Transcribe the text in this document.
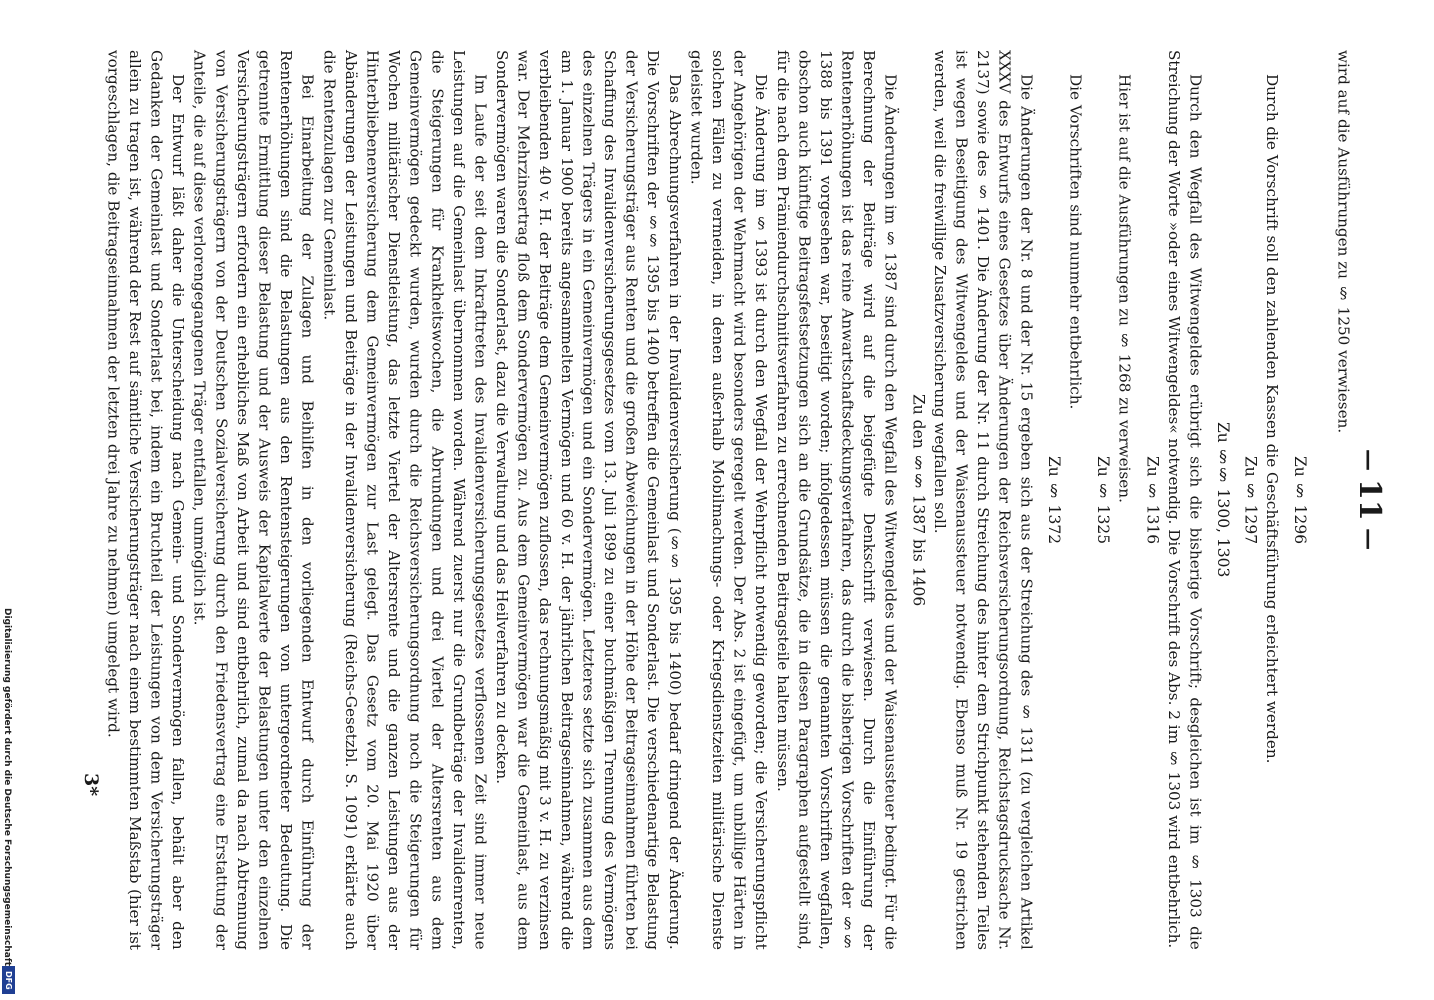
Digitalisierung gefördert durch die Deutsche Forschungsgemeinschaft
DFG
— 11 —

wird auf die Ausführungen zu § 1250 verwiesen.

Zu § 1296

Durch die Vorschrift soll den zahlenden Kassen die Geschäftsführung erleichtert werden.

Zu § 1297
Zu §§ 1300, 1303

Durch den Wegfall des Witwengeldes erübrigt sich die bisherige Vorschrift; desgleichen ist im § 1303 die Streichung der Worte »oder eines Witwengeldes« notwendig. Die Vorschrift des Abs. 2 im § 1303 wird entbehrlich.

Zu § 1316

Hier ist auf die Ausführungen zu § 1268 zu verweisen.

Zu § 1325

Die Vorschriften sind nunmehr entbehrlich.

Zu § 1372

Die Änderungen der Nr. 8 und der Nr. 15 ergeben sich aus der Streichung des § 1311 (zu vergleichen Artikel XXXV des Entwurfs eines Gesetzes über Änderungen der Reichsversicherungsordnung, Reichstagsdrucksache Nr. 2137) sowie des § 1401. Die Änderung der Nr. 11 durch Streichung des hinter dem Strichpunkt stehenden Teiles ist wegen Beseitigung des Witwengeldes und der Waisenaussteuer notwendig. Ebenso muß Nr. 19 gestrichen werden, weil die freiwillige Zusatzversicherung wegfallen soll.

Zu den §§ 1387 bis 1406

Die Änderungen im § 1387 sind durch den Wegfall des Witwengeldes und der Waisenaussteuer bedingt. Für die Berechnung der Beiträge wird auf die beigefügte Denkschrift verwiesen. Durch die Einführung der Rentenerhöhungen ist das reine Anwartschaftsdeckungsverfahren, das durch die bisherigen Vorschriften der §§ 1388 bis 1391 vorgesehen war, beseitigt worden; infolgedessen müssen die genannten Vorschriften wegfallen, obschon auch künftige Beitragsfestsetzungen sich an die Grundsätze, die in diesen Paragraphen aufgestellt sind, für die nach dem Prämiendurchschnittsverfahren zu errechnenden Beitragsteile halten müssen.

Die Änderung im § 1393 ist durch den Wegfall der Wehrpflicht notwendig geworden; die Versicherungspflicht der Angehörigen der Wehrmacht wird besonders geregelt werden. Der Abs. 2 ist eingefügt, um unbillige Härten in solchen Fällen zu vermeiden, in denen außerhalb Mobilmachungs- oder Kriegsdienstzeiten militärische Dienste geleistet wurden.

Das Abrechnungsverfahren in der Invalidenversicherung (§§ 1395 bis 1400) bedarf dringend der Änderung. Die Vorschriften der §§ 1395 bis 1400 betreffen die Gemeinlast und Sonderlast. Die verschiedenartige Belastung der Versicherungsträger aus Renten und die großen Abweichungen in der Höhe der Beitragseinnahmen führten bei Schaffung des Invalidenversicherungsgesetzes vom 13. Juli 1899 zu einer buchmäßigen Trennung des Vermögens des einzelnen Trägers in ein Gemeinvermögen und ein Sondervermögen. Letzteres setzte sich zusammen aus dem am 1. Januar 1900 bereits angesammelten Vermögen und 60 v. H. der jährlichen Beitragseinnahmen, während die verbleibenden 40 v. H. der Beiträge dem Gemeinvermögen zuflossen, das rechnungsmäßig mit 3 v. H. zu verzinsen war. Der Mehrzinsertrag floß dem Sondervermögen zu. Aus dem Gemeinvermögen war die Gemeinlast, aus dem Sondervermögen waren die Sonderlast, dazu die Verwaltung und das Heilverfahren zu decken.

Im Laufe der seit dem Inkrafttreten des Invalidenversicherungsgesetzes verflossenen Zeit sind immer neue Leistungen auf die Gemeinlast übernommen worden. Während zuerst nur die Grundbeträge der Invalidenrenten, die Steigerungen für Krankheitswochen, die Abrundungen und drei Viertel der Altersrenten aus dem Gemeinvermögen gedeckt wurden, wurden durch die Reichsversicherungsordnung noch die Steigerungen für Wochen militärischer Dienstleistung, das letzte Viertel der Altersrente und die ganzen Leistungen aus der Hinterbliebenenversicherung dem Gemeinvermögen zur Last gelegt. Das Gesetz vom 20. Mai 1920 über Abänderungen der Leistungen und Beiträge in der Invalidenversicherung (Reichs-Gesetzbl. S. 1091) erklärte auch die Rentenzulagen zur Gemeinlast.

Bei Einarbeitung der Zulagen und Beihilfen in den vorliegenden Entwurf durch Einführung der Rentenerhöhungen sind die Belastungen aus den Rentensteigerungen von untergeordneter Bedeutung. Die getrennte Ermittlung dieser Belastung und der Ausweis der Kapitalwerte der Belastungen unter den einzelnen Versicherungsträgern erfordern ein erhebliches Maß von Arbeit und sind entbehrlich, zumal da nach Abtrennung von Versicherungsträgern von der Deutschen Sozialversicherung durch den Friedensvertrag eine Erstattung der Anteile, die auf diese verlorengegangenen Träger entfallen, unmöglich ist.

Der Entwurf läßt daher die Unterscheidung nach Gemein- und Sondervermögen fallen, behält aber den Gedanken der Gemeinlast und Sonderlast bei, indem ein Bruchteil der Leistungen von dem Versicherungsträger allein zu tragen ist, während der Rest auf sämtliche Versicherungsträger nach einem bestimmten Maßstab (hier ist vorgeschlagen, die Beitragseinnahmen der letzten drei Jahre zu nehmen) umgelegt wird.

3*
